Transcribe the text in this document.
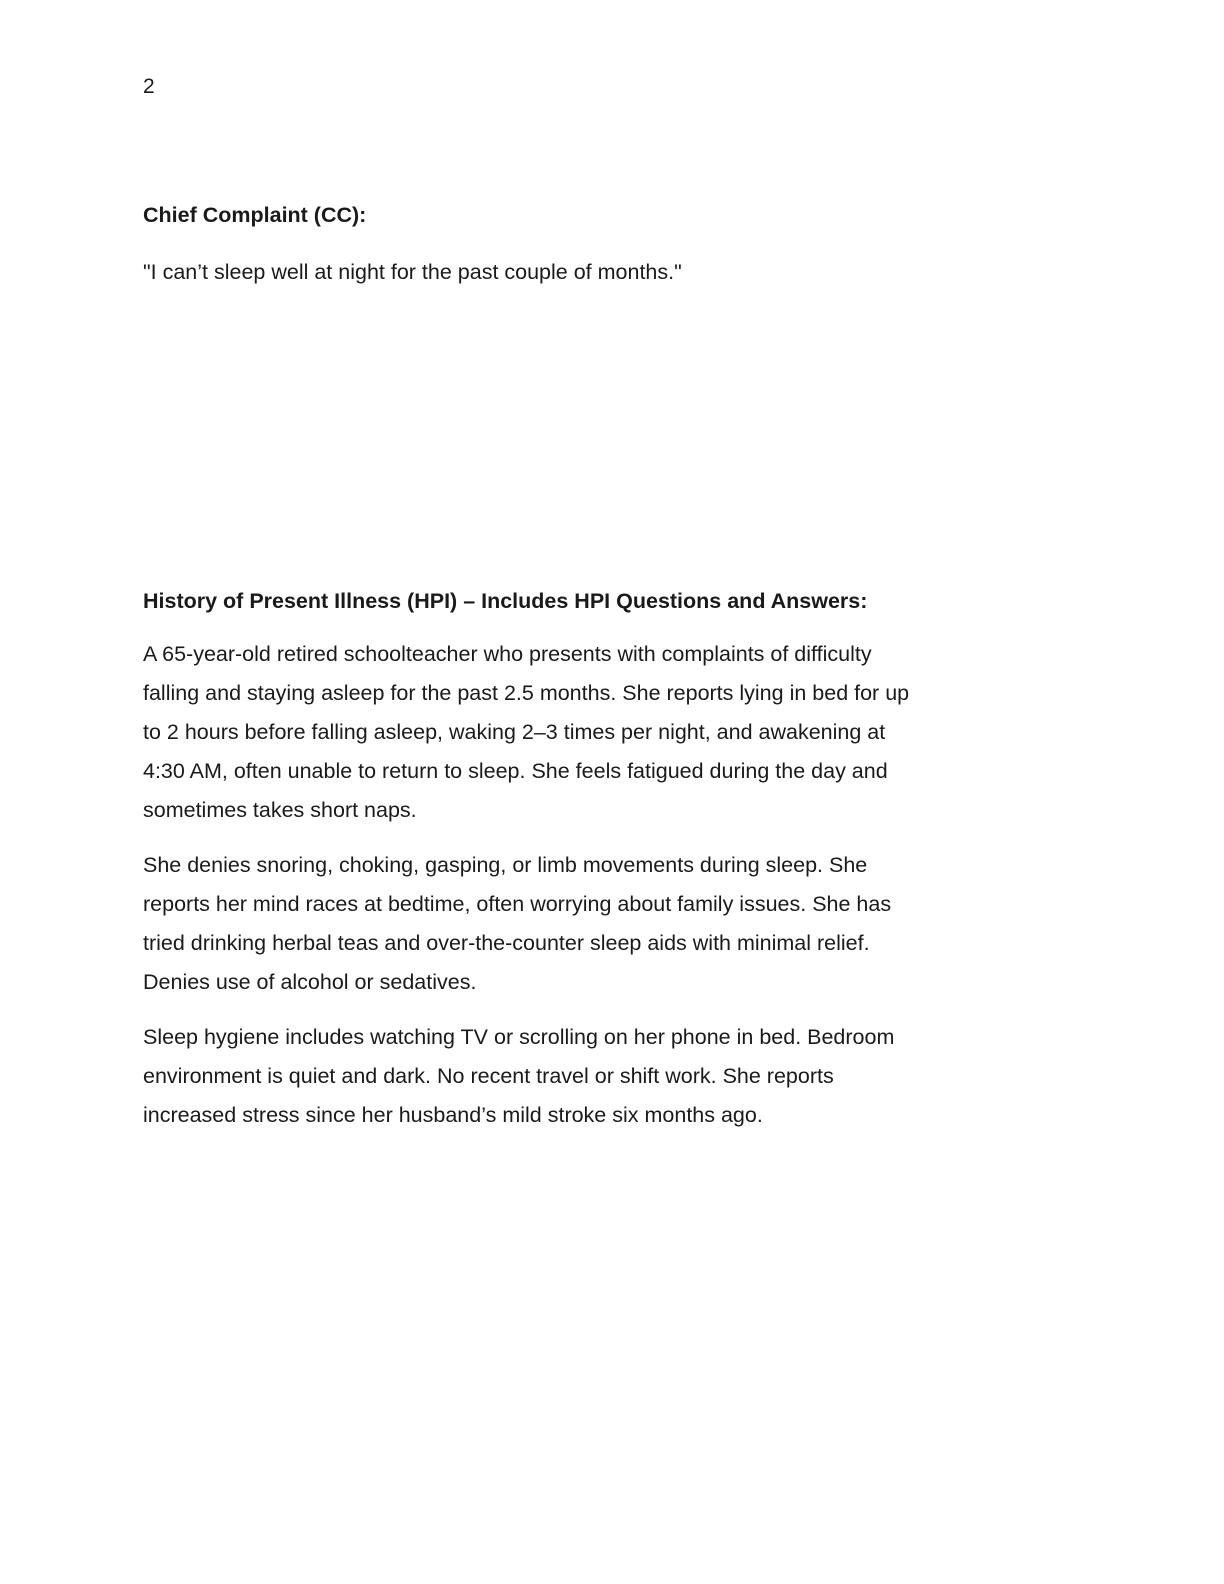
2

Chief Complaint (CC):

"I can’t sleep well at night for the past couple of months."

History of Present Illness (HPI) – Includes HPI Questions and Answers:

A 65-year-old retired schoolteacher who presents with complaints of difficulty
falling and staying asleep for the past 2.5 months. She reports lying in bed for up
to 2 hours before falling asleep, waking 2–3 times per night, and awakening at
4:30 AM, often unable to return to sleep. She feels fatigued during the day and
sometimes takes short naps.
She denies snoring, choking, gasping, or limb movements during sleep. She
reports her mind races at bedtime, often worrying about family issues. She has
tried drinking herbal teas and over-the-counter sleep aids with minimal relief.
Denies use of alcohol or sedatives.
Sleep hygiene includes watching TV or scrolling on her phone in bed. Bedroom
environment is quiet and dark. No recent travel or shift work. She reports
increased stress since her husband’s mild stroke six months ago.
